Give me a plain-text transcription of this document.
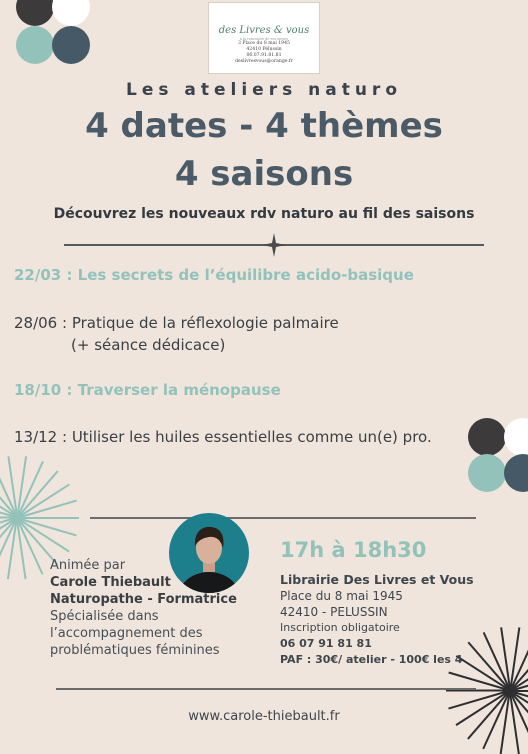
des Livres & vous
à la rencontre de vos envies
3 Place du 8 mai 1945
42410 Pélussin
06.07.91.81.81
deslivresvous@orange.fr
Les ateliers naturo
4 dates - 4 thèmes
4 saisons
Découvrez les nouveaux rdv naturo au fil des saisons
22/03 : Les secrets de l’équilibre acido-basique
28/06 : Pratique de la réflexologie palmaire
(+ séance dédicace)
18/10 : Traverser la ménopause
13/12 : Utiliser les huiles essentielles comme un(e) pro.
Animée par
Carole Thiebault
Naturopathe - Formatrice
Spécialisée dans
l’accompagnement des
problématiques féminines
17h à 18h30
Librairie Des Livres et Vous
Place du 8 mai 1945
42410 - PELUSSIN
Inscription obligatoire
06 07 91 81 81
PAF : 30€/ atelier - 100€ les 4
www.carole-thiebault.fr
